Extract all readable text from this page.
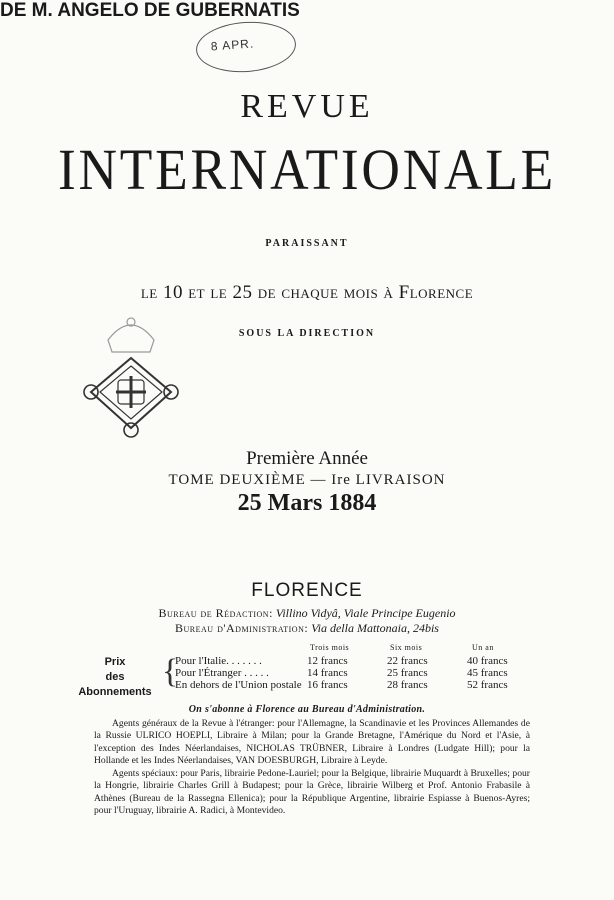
8 APR.
REVUE
INTERNATIONALE
PARAISSANT
le 10 et le 25 de chaque mois à Florence
SOUS LA DIRECTION
DE M. ANGELO DE GUBERNATIS
Première Année
TOME DEUXIÈME — Ire LIVRAISON
25 Mars 1884
FLORENCE
Bureau de Rédaction: Villino Vidyâ, Viale Principe Eugenio
Bureau d'Administration: Via della Mattonaia, 24bis
Prix
des Abonnements
{
Trois mois	Six mois	Un an
Pour l'Italie. . . . . . .	12 francs	22 francs	40 francs
Pour l'Étranger . . . . .	14 francs	25 francs	45 francs
En dehors de l'Union postale 16 francs	28 francs	52 francs
On s'abonne à Florence au Bureau d'Administration.

Agents généraux de la Revue à l'étranger: pour l'Allemagne, la Scandinavie et les Provinces Allemandes de la Russie ULRICO HOEPLI, Libraire à Milan; pour la Grande Bretagne, l'Amérique du Nord et l'Asie, à l'exception des Indes Néerlandaises, NICHOLAS TRÜBNER, Libraire à Londres (Ludgate Hill); pour la Hollande et les Indes Néerlandaises, VAN DOESBURGH, Libraire à Leyde.

Agents spéciaux: pour Paris, librairie Pedone-Lauriel; pour la Belgique, librairie Muquardt à Bruxelles; pour la Hongrie, librairie Charles Grill à Budapest; pour la Grèce, librairie Wilberg et Prof. Antonio Frabasile à Athènes (Bureau de la Rassegna Ellenica); pour la République Argentine, librairie Espiasse à Buenos-Ayres; pour l'Uruguay, librairie A. Radici, à Montevideo.
